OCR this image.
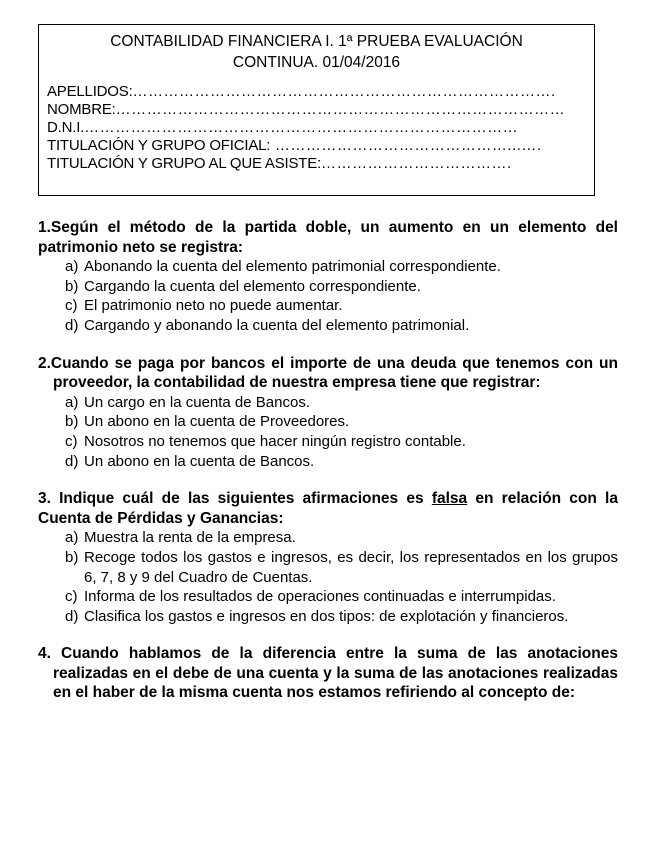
CONTABILIDAD FINANCIERA I. 1ª PRUEBA EVALUACIÓN
CONTINUA. 01/04/2016
APELLIDOS:……………………………………………………………………….
NOMBRE:……………………………………………………………………………
D.N.I.…………………………………………………………………………
TITULACIÓN Y GRUPO OFICIAL: ………………………………………...….
TITULACIÓN Y GRUPO AL QUE ASISTE:……………………………….

1.Según el método de la partida doble, un aumento en un elemento del patrimonio neto se registra:

a) Abonando la cuenta del elemento patrimonial correspondiente.
b) Cargando la cuenta del elemento correspondiente.
c) El patrimonio neto no puede aumentar.
d) Cargando y abonando la cuenta del elemento patrimonial.

2.Cuando se paga por bancos el importe de una deuda que tenemos con un proveedor, la contabilidad de nuestra empresa tiene que registrar:

a) Un cargo en la cuenta de Bancos.
b) Un abono en la cuenta de Proveedores.
c) Nosotros no tenemos que hacer ningún registro contable.
d) Un abono en la cuenta de Bancos.

3. Indique cuál de las siguientes afirmaciones es falsa en relación con la Cuenta de Pérdidas y Ganancias:

a) Muestra la renta de la empresa.
b) Recoge todos los gastos e ingresos, es decir, los representados en los grupos 6, 7, 8 y 9 del Cuadro de Cuentas.
c) Informa de los resultados de operaciones continuadas e interrumpidas.
d) Clasifica los gastos e ingresos en dos tipos: de explotación y financieros.

4. Cuando hablamos de la diferencia entre la suma de las anotaciones realizadas en el debe de una cuenta y la suma de las anotaciones realizadas en el haber de la misma cuenta nos estamos refiriendo al concepto de:
